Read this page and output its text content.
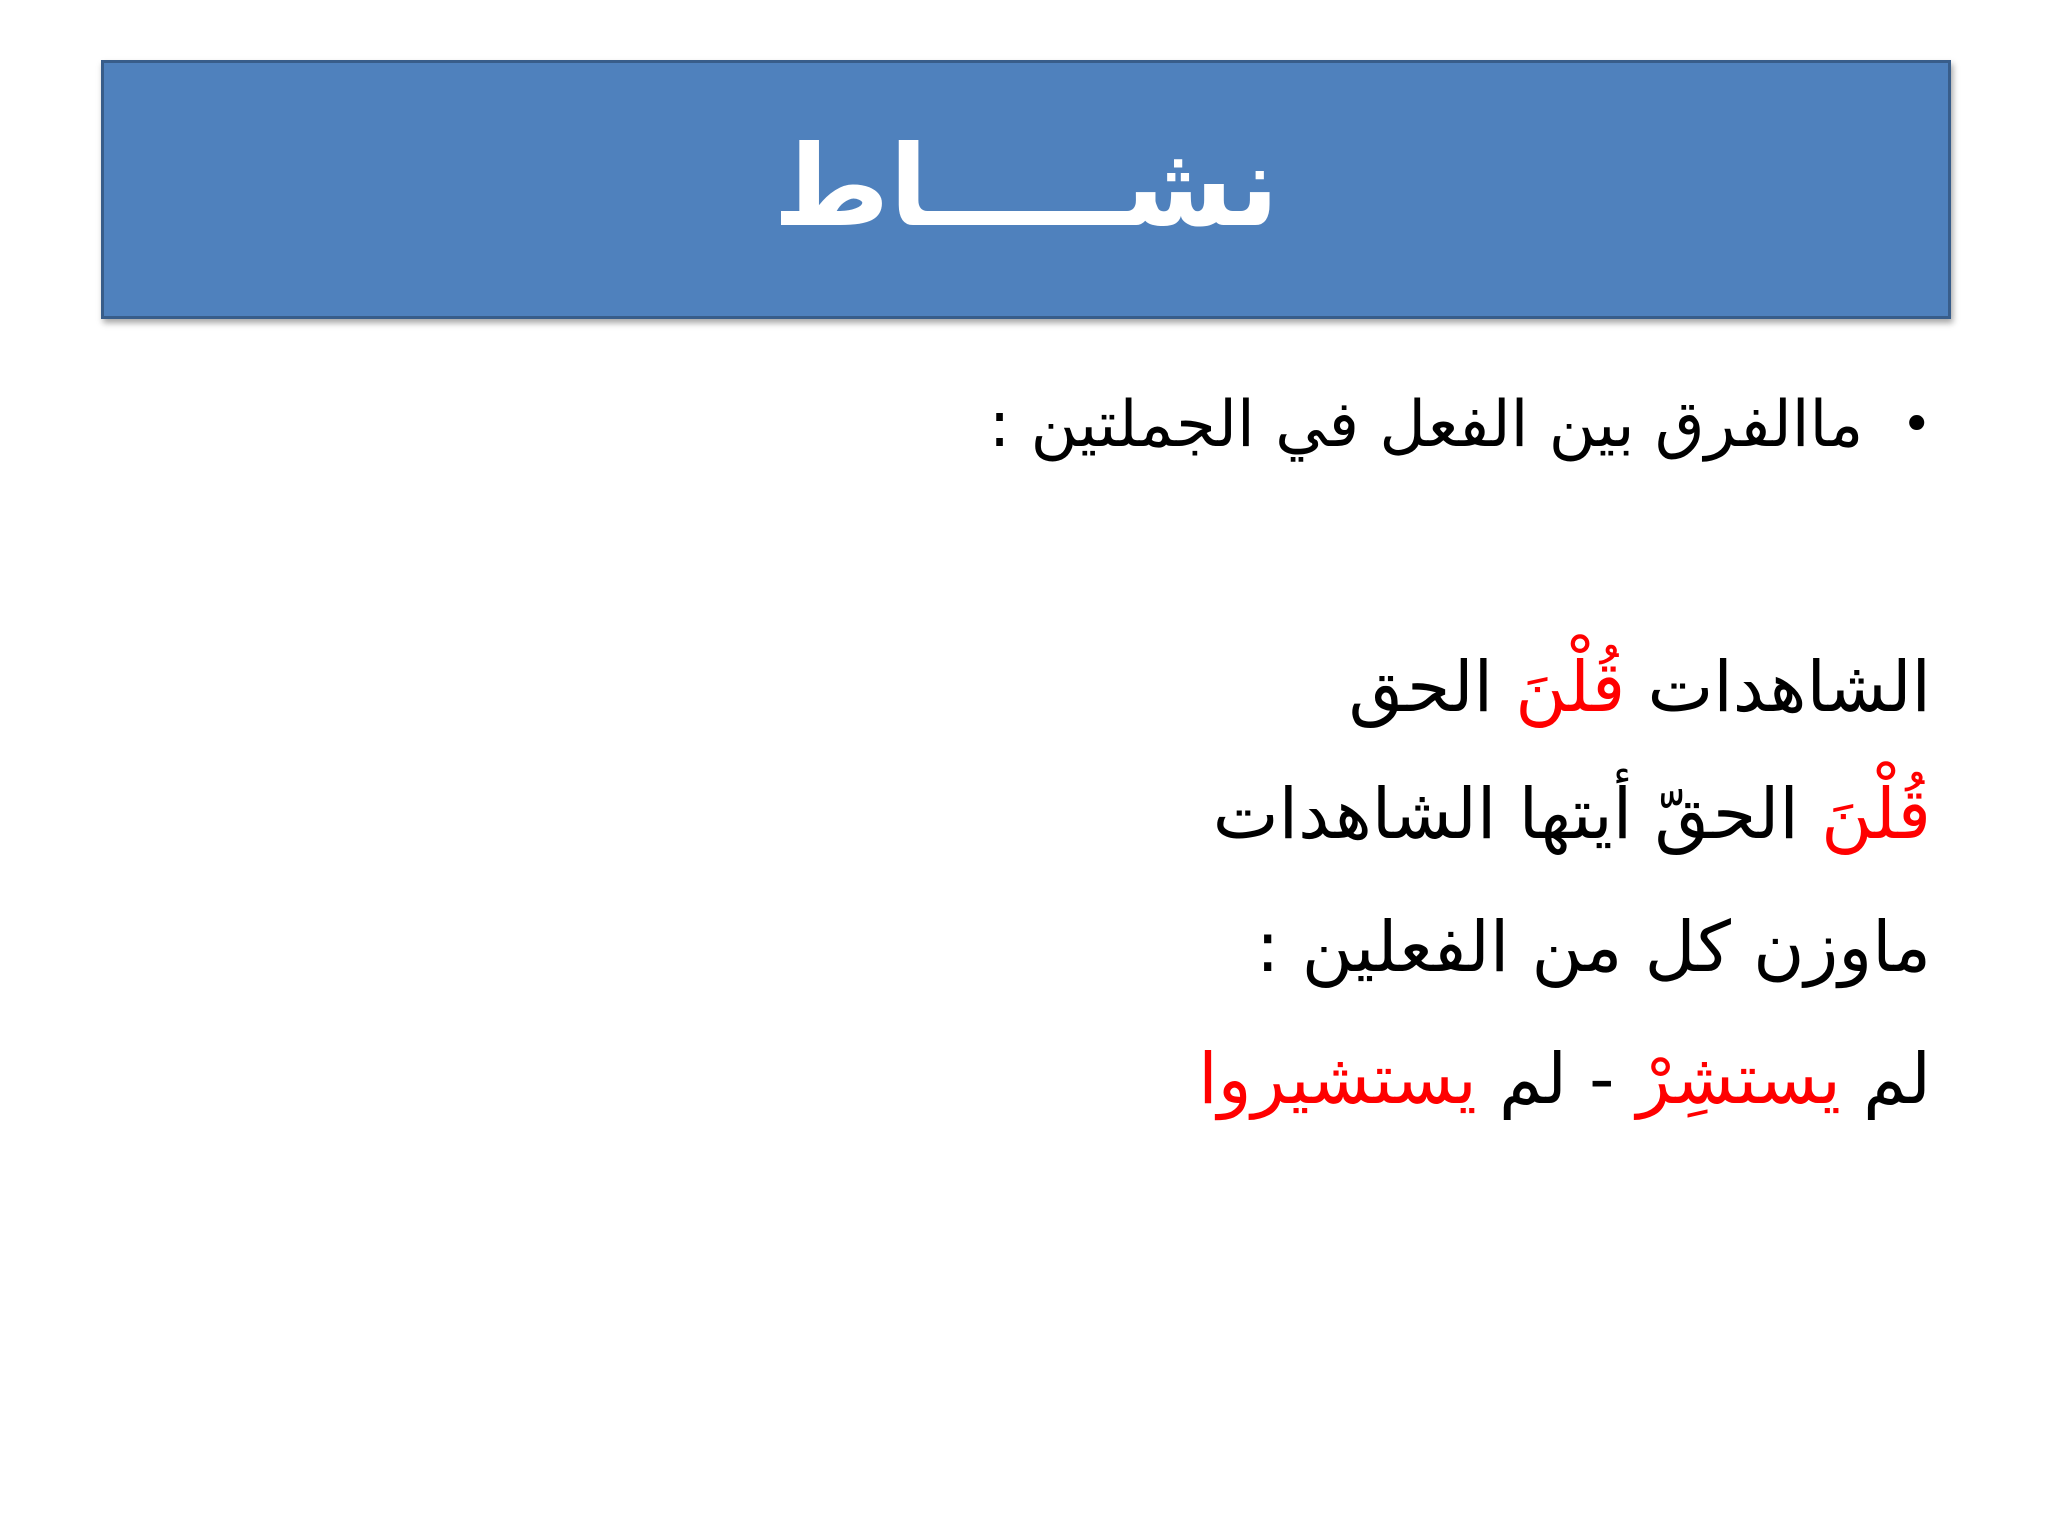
نشـــــاط
•
ماالفرق بين الفعل في الجملتين :
الشاهدات قُلْنَ الحق
قُلْنَ الحقّ أيتها الشاهدات
ماوزن كل من الفعلين :
لم يستشِرْ - لم يستشيروا
